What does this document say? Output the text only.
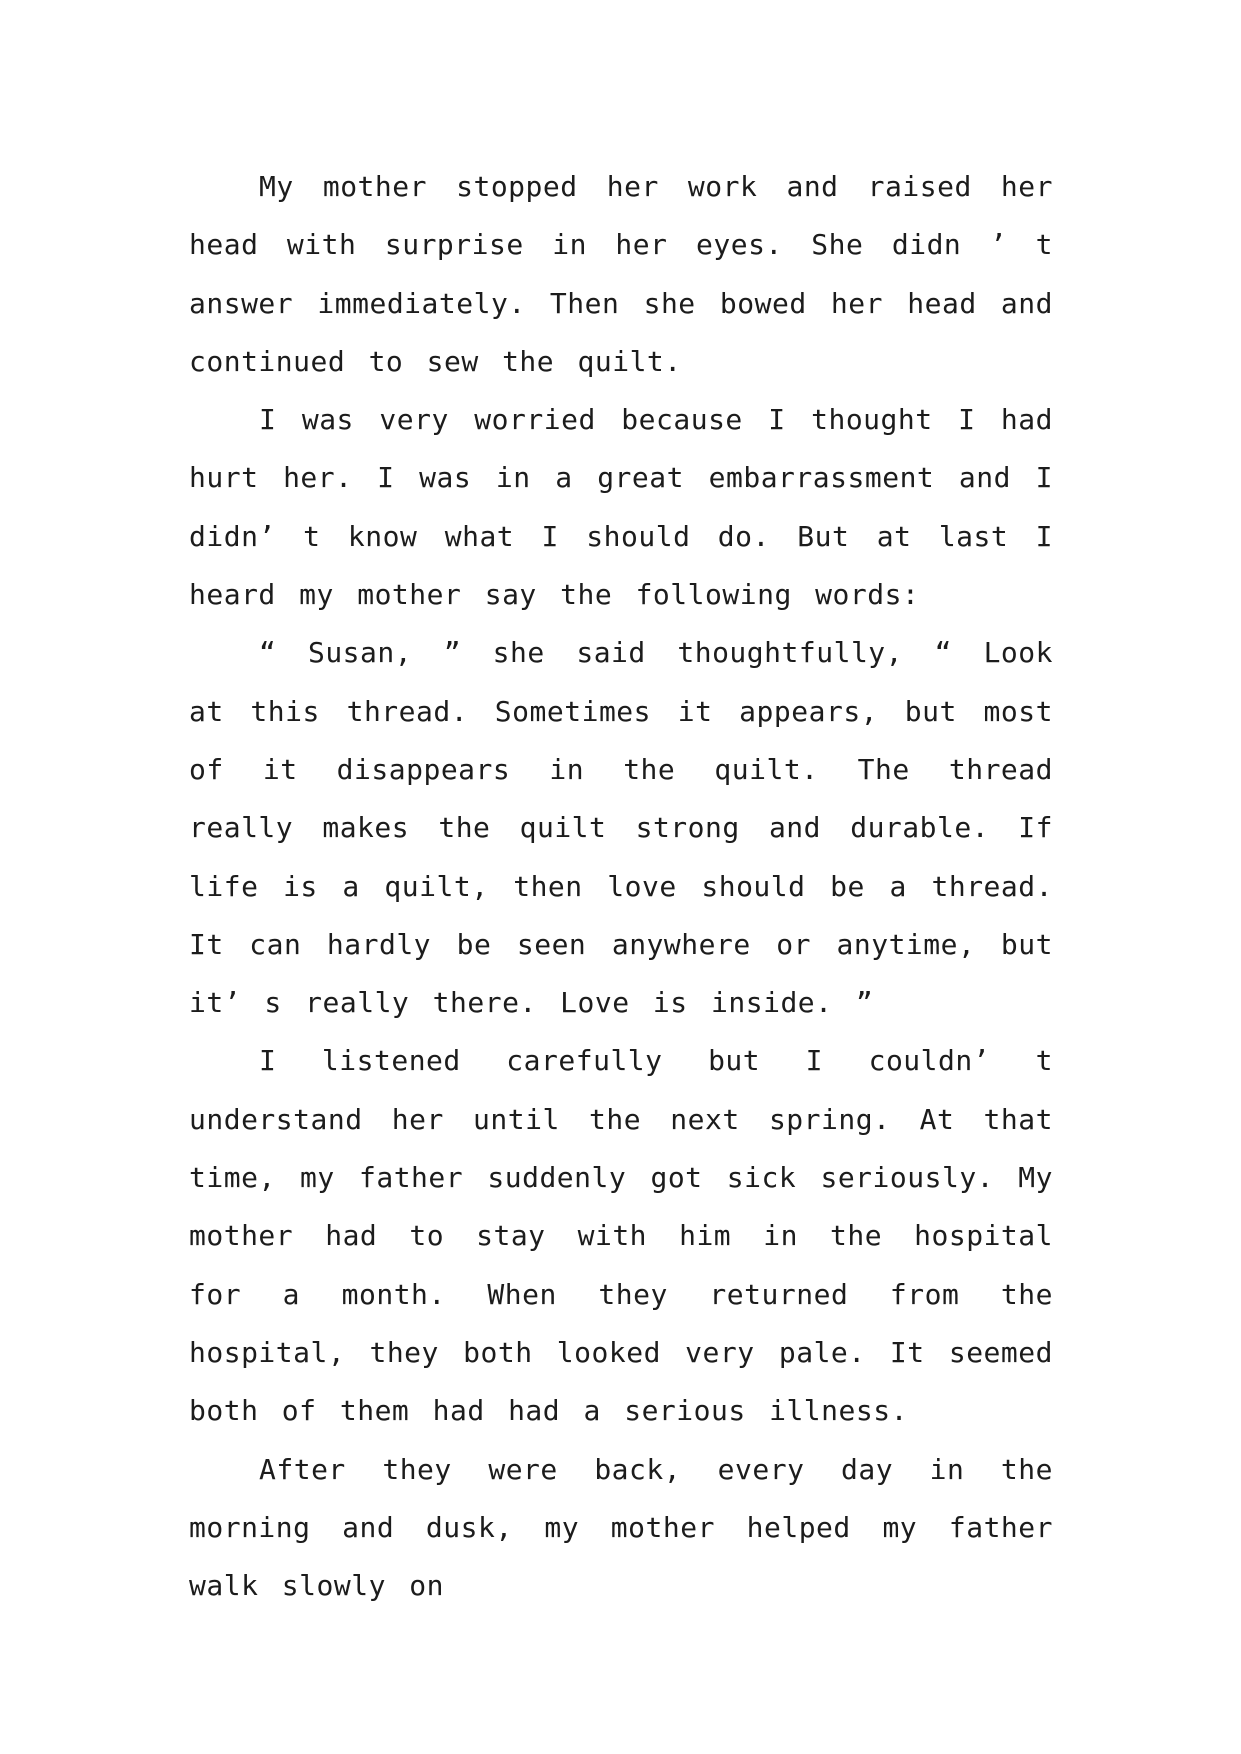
My mother stopped her work and raised her head with surprise in her eyes. She didn ’ t answer immediately. Then she bowed her head and continued to sew the quilt.

I was very worried because I thought I had hurt her. I was in a great embarrassment and I didn’ t know what I should do. But at last I heard my mother say the following words:

“ Susan, ” she said thoughtfully, “ Look at this thread. Sometimes it appears, but most of it disappears in the quilt. The thread really makes the quilt strong and durable. If life is a quilt, then love should be a thread. It can hardly be seen anywhere or anytime, but it’ s really there. Love is inside. ”

I listened carefully but I couldn’ t understand her until the next spring. At that time, my father suddenly got sick seriously. My mother had to stay with him in the hospital for a month. When they returned from the hospital, they both looked very pale. It seemed both of them had had a serious illness.

After they were back, every day in the morning and dusk, my mother helped my father walk slowly on
